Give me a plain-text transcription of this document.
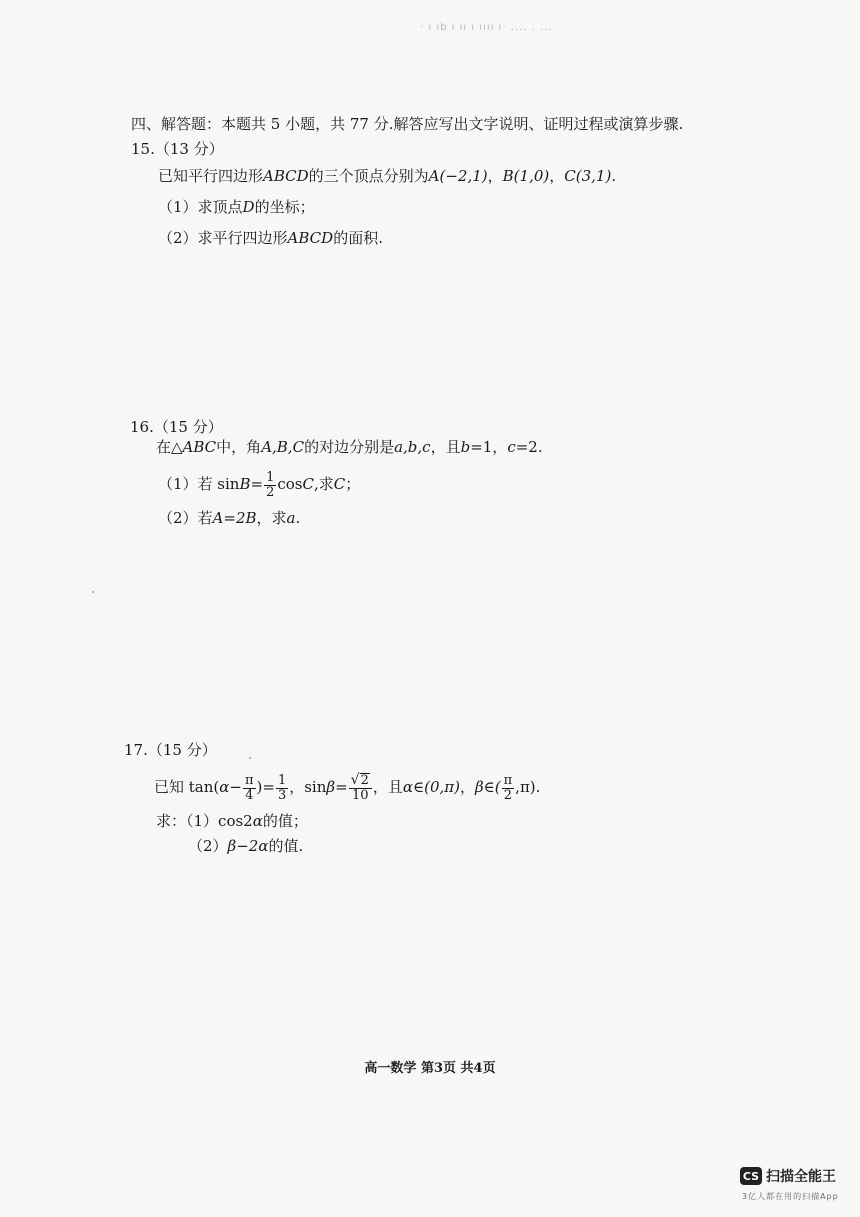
· ı ıb ı ıı ı ıııı ı· .... . ...
四、解答题：本题共 5 小题，共 77 分.解答应写出文字说明、证明过程或演算步骤.
15.（13 分）
已知平行四边形ABCD的三个顶点分别为A(−2,1)，B(1,0)，C(3,1).
（1）求顶点D的坐标；
（2）求平行四边形ABCD的面积.
16.（15 分）
在△ABC中，角A,B,C的对边分别是a,b,c，且b=1，c=2.
（1）若 $\sin B= \frac{1}{2} \cos C$,求C；
（2）若A=2B，求a.
17.（15 分）
已知 $\tan(\alpha- \frac{\pi}{4}$ )= $\frac{1}{3}$ ，$\sin\beta= \frac{√ 2}{10}$ ，且α∈(0,π)，β∈( $\frac{\pi}{2} ,\pi$).
求：（1）cos2α的值；
（2）β−2α的值.
高一数学 第3页 共4页
CS 扫描全能王
3亿人都在用的扫描App
